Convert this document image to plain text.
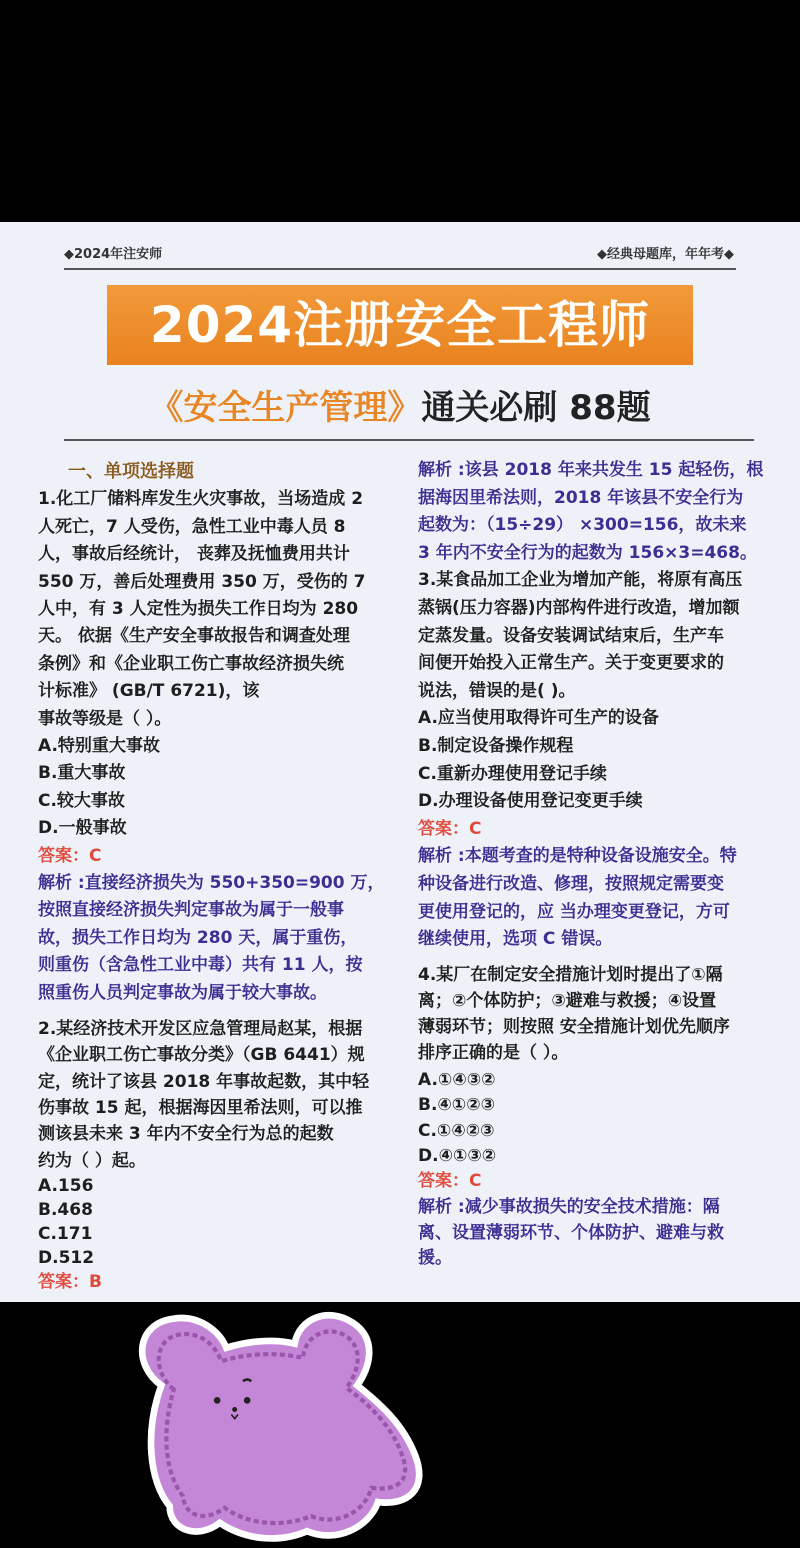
◆2024年注安师	◆经典母题库，年年考◆
2024注册安全工程师
《安全生产管理》通关必刷 88题
一、单项选择题
1.化工厂储料库发生火灾事故，当场造成 2
人死亡，7 人受伤，急性工业中毒人员 8
人，事故后经统计， 丧葬及抚恤费用共计
550 万，善后处理费用 350 万，受伤的 7
人中，有 3 人定性为损失工作日均为 280
天。 依据《生产安全事故报告和调查处理
条例》和《企业职工伤亡事故经济损失统
计标准》 (GB/T 6721)，该
事故等级是（ ）。
A.特别重大事故
B.重大事故
C.较大事故
D.一般事故
答案：C
解析 :直接经济损失为 550+350=900 万，
按照直接经济损失判定事故为属于一般事
故，损失工作日均为 280 天，属于重伤，
则重伤（含急性工业中毒）共有 11 人，按
照重伤人员判定事故为属于较大事故。
2.某经济技术开发区应急管理局赵某，根据
《企业职工伤亡事故分类》（GB 6441）规
定，统计了该县 2018 年事故起数，其中轻
伤事故 15 起，根据海因里希法则，可以推
测该县未来 3 年内不安全行为总的起数
约为（ ）起。
A.156
B.468
C.171
D.512
答案：B
解析 :该县 2018 年来共发生 15 起轻伤，根
据海因里希法则，2018 年该县不安全行为
起数为：（15÷29） ×300=156，故未来
3 年内不安全行为的起数为 156×3=468。
3.某食品加工企业为增加产能，将原有高压
蒸锅(压力容器)内部构件进行改造，增加额
定蒸发量。设备安装调试结束后，生产车
间便开始投入正常生产。关于变更要求的
说法，错误的是( )。
A.应当使用取得许可生产的设备
B.制定设备操作规程
C.重新办理使用登记手续
D.办理设备使用登记变更手续
答案：C
解析 :本题考查的是特种设备设施安全。特
种设备进行改造、修理，按照规定需要变
更使用登记的，应 当办理变更登记，方可
继续使用，选项 C 错误。
4.某厂在制定安全措施计划时提出了①隔
离；②个体防护；③避难与救援；④设置
薄弱环节；则按照 安全措施计划优先顺序
排序正确的是（ ）。
A.①④③②
B.④①②③
C.①④②③
D.④①③②
答案：C
解析 :减少事故损失的安全技术措施：隔
离、设置薄弱环节、个体防护、避难与救
援。
